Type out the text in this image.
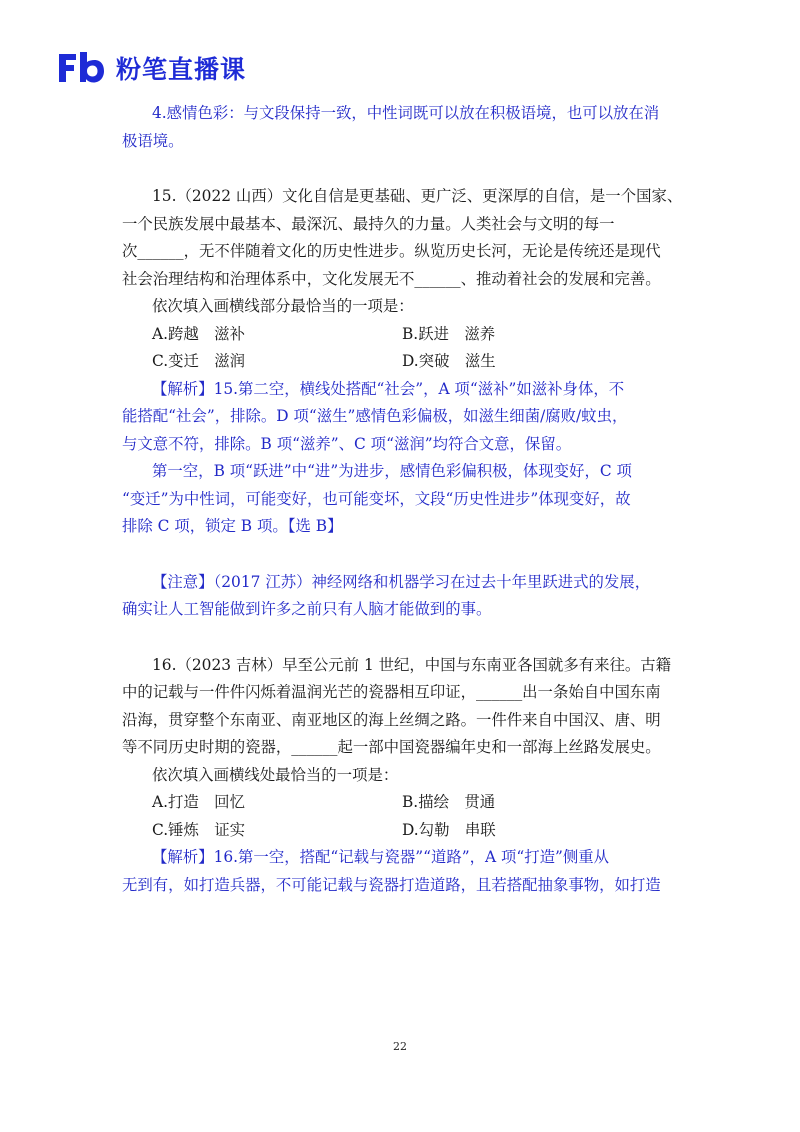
粉笔直播课
4.感情色彩：与文段保持一致，中性词既可以放在积极语境，也可以放在消
极语境。
15.（2022 山西）文化自信是更基础、更广泛、更深厚的自信，是一个国家、
一个民族发展中最基本、最深沉、最持久的力量。人类社会与文明的每一
次______，无不伴随着文化的历史性进步。纵览历史长河，无论是传统还是现代
社会治理结构和治理体系中，文化发展无不______、推动着社会的发展和完善。
依次填入画横线部分最恰当的一项是：
A.跨越　滋补	B.跃进　滋养
C.变迁　滋润	D.突破　滋生
【解析】15.第二空，横线处搭配“社会”，A 项“滋补”如滋补身体，不
能搭配“社会”，排除。D 项“滋生”感情色彩偏极，如滋生细菌/腐败/蚊虫，
与文意不符，排除。B 项“滋养”、C 项“滋润”均符合文意，保留。
第一空，B 项“跃进”中“进”为进步，感情色彩偏积极，体现变好，C 项
“变迁”为中性词，可能变好，也可能变坏，文段“历史性进步”体现变好，故
排除 C 项，锁定 B 项。【选 B】
【注意】（2017 江苏）神经网络和机器学习在过去十年里跃进式的发展，
确实让人工智能做到许多之前只有人脑才能做到的事。
16.（2023 吉林）早至公元前 1 世纪，中国与东南亚各国就多有来往。古籍
中的记载与一件件闪烁着温润光芒的瓷器相互印证，______出一条始自中国东南
沿海，贯穿整个东南亚、南亚地区的海上丝绸之路。一件件来自中国汉、唐、明
等不同历史时期的瓷器，______起一部中国瓷器编年史和一部海上丝路发展史。
依次填入画横线处最恰当的一项是：
A.打造　回忆	B.描绘　贯通
C.锤炼　证实	D.勾勒　串联
【解析】16.第一空，搭配“记载与瓷器”“道路”，A 项“打造”侧重从
无到有，如打造兵器，不可能记载与瓷器打造道路，且若搭配抽象事物，如打造
22
